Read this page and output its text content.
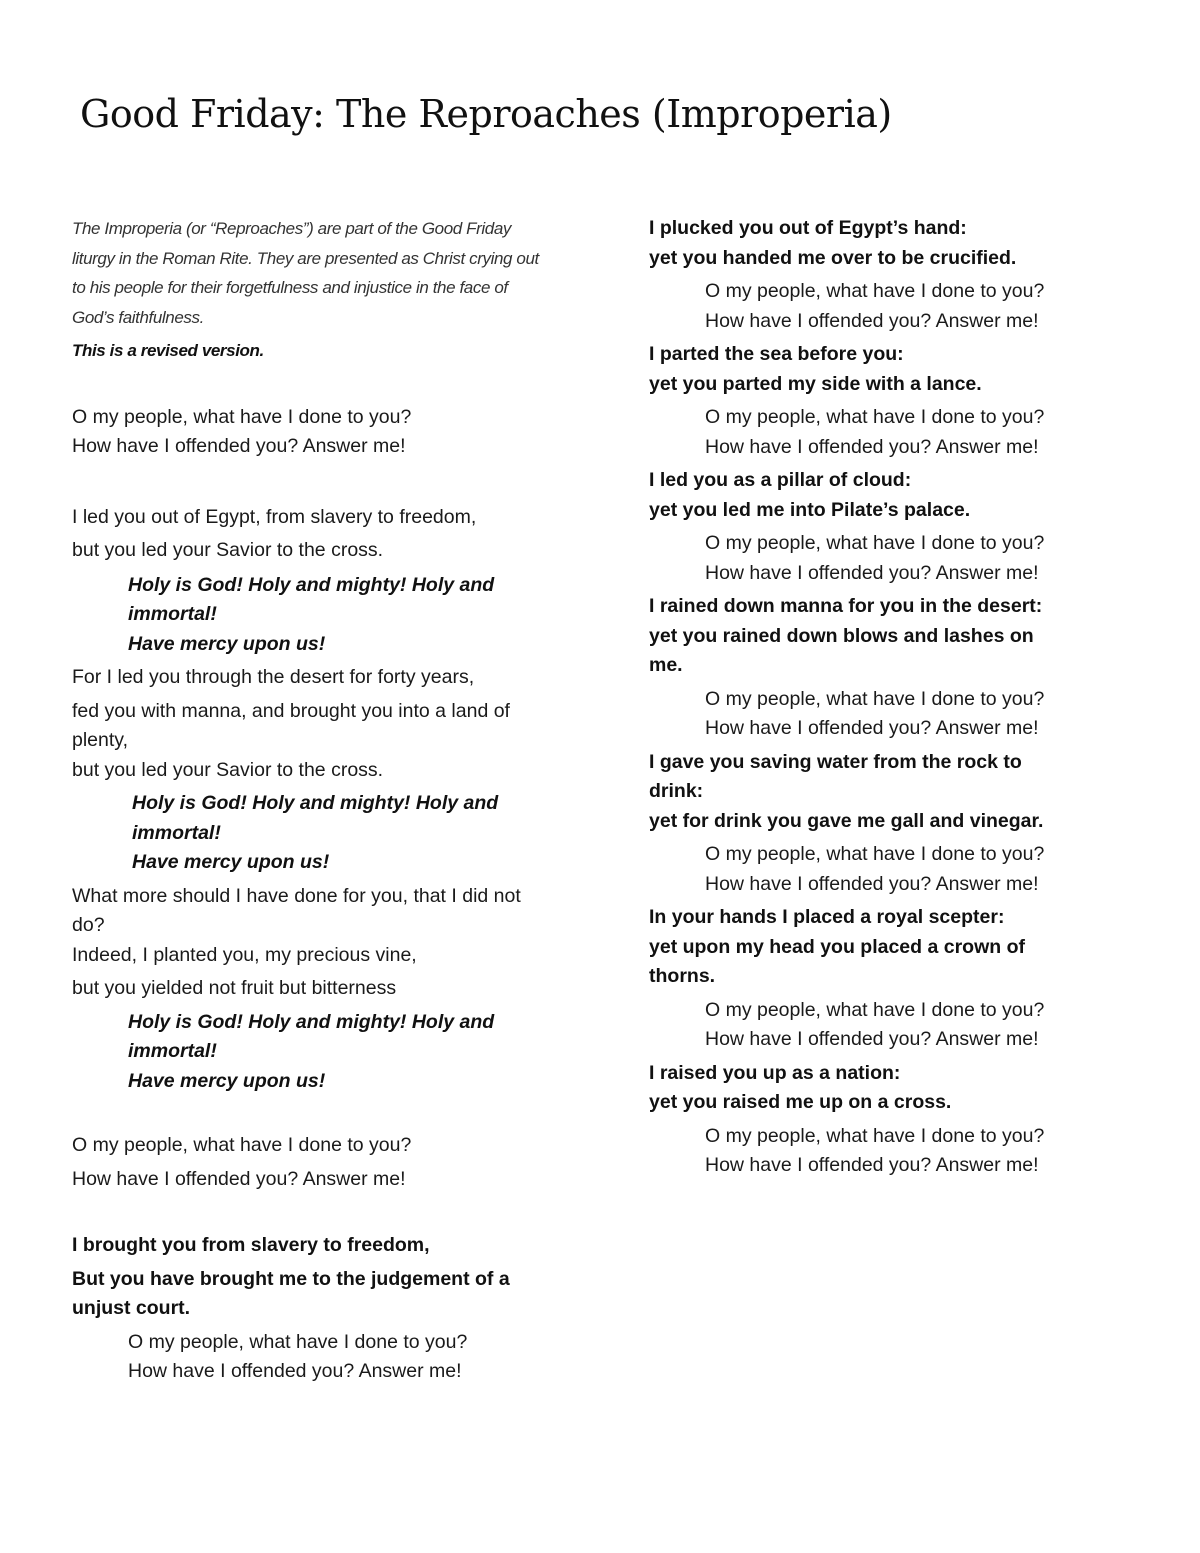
Good Friday: The Reproaches (Improperia)
The Improperia (or “Reproaches”) are part of the Good Friday
liturgy in the Roman Rite. They are presented as Christ crying out
to his people for their forgetfulness and injustice in the face of
God’s faithfulness.
This is a revised version.
O my people, what have I done to you?
How have I offended you? Answer me!
I led you out of Egypt, from slavery to freedom,
but you led your Savior to the cross.
Holy is God! Holy and mighty! Holy and
immortal!
Have mercy upon us!
For I led you through the desert for forty years,
fed you with manna, and brought you into a land of
plenty,
but you led your Savior to the cross.
Holy is God! Holy and mighty! Holy and
immortal!
Have mercy upon us!
What more should I have done for you, that I did not
do?
Indeed, I planted you, my precious vine,
but you yielded not fruit but bitterness
Holy is God! Holy and mighty! Holy and
immortal!
Have mercy upon us!
O my people, what have I done to you?
How have I offended you? Answer me!
I brought you from slavery to freedom,
But you have brought me to the judgement of a
unjust court.
O my people, what have I done to you?
How have I offended you? Answer me!
I plucked you out of Egypt’s hand:
yet you handed me over to be crucified.
O my people, what have I done to you?
How have I offended you? Answer me!
I parted the sea before you:
yet you parted my side with a lance.
O my people, what have I done to you?
How have I offended you? Answer me!
I led you as a pillar of cloud:
yet you led me into Pilate’s palace.
O my people, what have I done to you?
How have I offended you? Answer me!
I rained down manna for you in the desert:
yet you rained down blows and lashes on
me.
O my people, what have I done to you?
How have I offended you? Answer me!
I gave you saving water from the rock to
drink:
yet for drink you gave me gall and vinegar.
O my people, what have I done to you?
How have I offended you? Answer me!
In your hands I placed a royal scepter:
yet upon my head you placed a crown of
thorns.
O my people, what have I done to you?
How have I offended you? Answer me!
I raised you up as a nation:
yet you raised me up on a cross.
O my people, what have I done to you?
How have I offended you? Answer me!
